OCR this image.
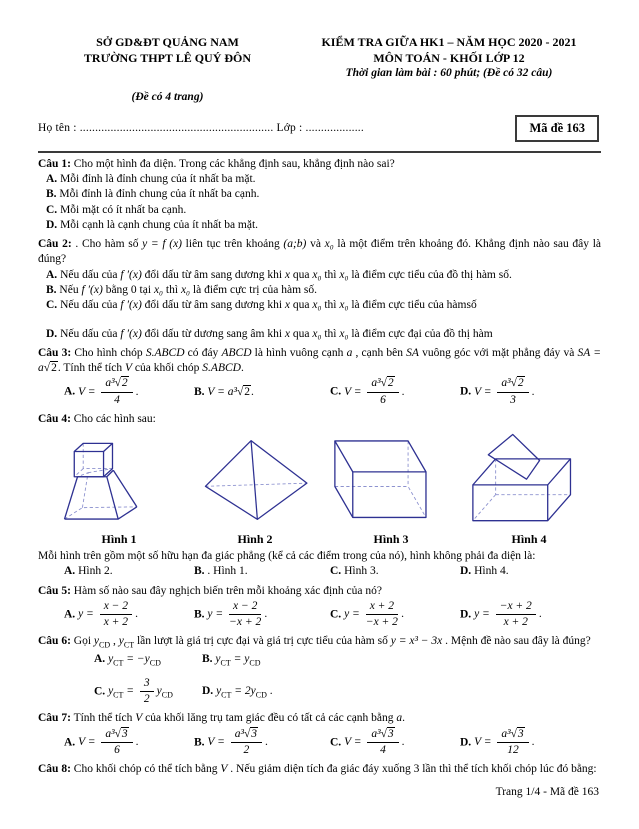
SỞ GD&ĐT QUẢNG NAM
TRƯỜNG THPT LÊ QUÝ ĐÔN
KIỂM TRA GIỮA HK1 – NĂM HỌC 2020 - 2021
MÔN TOÁN - KHỐI LỚP 12
Thời gian làm bài : 60 phút; (Đề có 32 câu)
(Đề có 4 trang)
Họ tên : ............................................................... Lớp : ...................	Mã đề 163
Câu 1: Cho một hình đa diện. Trong các khẳng định sau, khẳng định nào sai?
A. Mỗi đỉnh là đỉnh chung của ít nhất ba mặt.
B. Mỗi đỉnh là đỉnh chung của ít nhất ba cạnh.
C. Mỗi mặt có ít nhất ba cạnh.
D. Mỗi cạnh là cạnh chung của ít nhất ba mặt.
Câu 2: . Cho hàm số y = f (x) liên tục trên khoảng (a;b) và x₀ là một điểm trên khoảng đó. Khẳng định nào sau đây là đúng?
A. Nếu dấu của f ′(x) đổi dấu từ âm sang dương khi x qua x₀ thì x₀ là điểm cực tiểu của đồ thị hàm số.
B. Nếu f ′(x) bằng 0 tại x₀ thì x₀ là điểm cực trị của hàm số.
C. Nếu dấu của f ′(x) đổi dấu từ âm sang dương khi x qua x₀ thì x₀ là điểm cực tiểu của hàmsố
D. Nếu dấu của f ′(x) đổi dấu từ dương sang âm khi x qua x₀ thì x₀ là điểm cực đại của đồ thị hàm
Câu 3: Cho hình chóp S.ABCD có đáy ABCD là hình vuông cạnh a , cạnh bên SA vuông góc với mặt phẳng đáy và SA = a√2. Tính thể tích V của khối chóp S.ABCD.
A. $V = \frac{\text{a³√2}}{4}$ .	B. V = a³√2.	C. $V = \frac{\text{a³√2}}{6}$ .	D. $V = \frac{\text{a³√2}}{3}$ .
Câu 4: Cho các hình sau:
Hình 1	Hình 2	Hình 3	Hình 4
Mỗi hình trên gồm một số hữu hạn đa giác phẳng (kể cả các điểm trong của nó), hình không phải đa diện là:
A. Hình 2.	B. . Hình 1.	C. Hình 3.	D. Hình 4.
Câu 5: Hàm số nào sau đây nghịch biến trên mỗi khoảng xác định của nó?
A. $y = \frac{x - 2}{x + 2}$ .	B. $y = \frac{x - 2}{-x + 2}$ .	C. $y = \frac{x + 2}{-x + 2}$ .	D. $y = \frac{-x + 2}{x + 2}$ .
Câu 6: Gọi $y_{CD}$ , $y_{CT}$ lần lượt là giá trị cực đại và giá trị cực tiểu của hàm số y = x³ − 3x . Mệnh đề nào sau đây là đúng?
A. $y_{CT} = -y_{CD}$	B. $y_{CT} = y_{CD}$
C. $y_{CT} = \frac{3}{2} y_{CD}$	D. $y_{CT} = 2y_{CD}$ .
Câu 7: Tính thể tích V của khối lăng trụ tam giác đều có tất cả các cạnh bằng a.
A. $V = \frac{\text{a³√3}}{6}$ .	B. $V = \frac{\text{a³√3}}{2}$ .	C. $V = \frac{\text{a³√3}}{4}$ .	D. $V = \frac{\text{a³√3}}{12}$ .
Câu 8: Cho khối chóp có thể tích bằng V . Nếu giảm diện tích đa giác đáy xuống 3 lần thì thể tích khối chóp lúc đó bằng:
Trang 1/4 - Mã đề 163
